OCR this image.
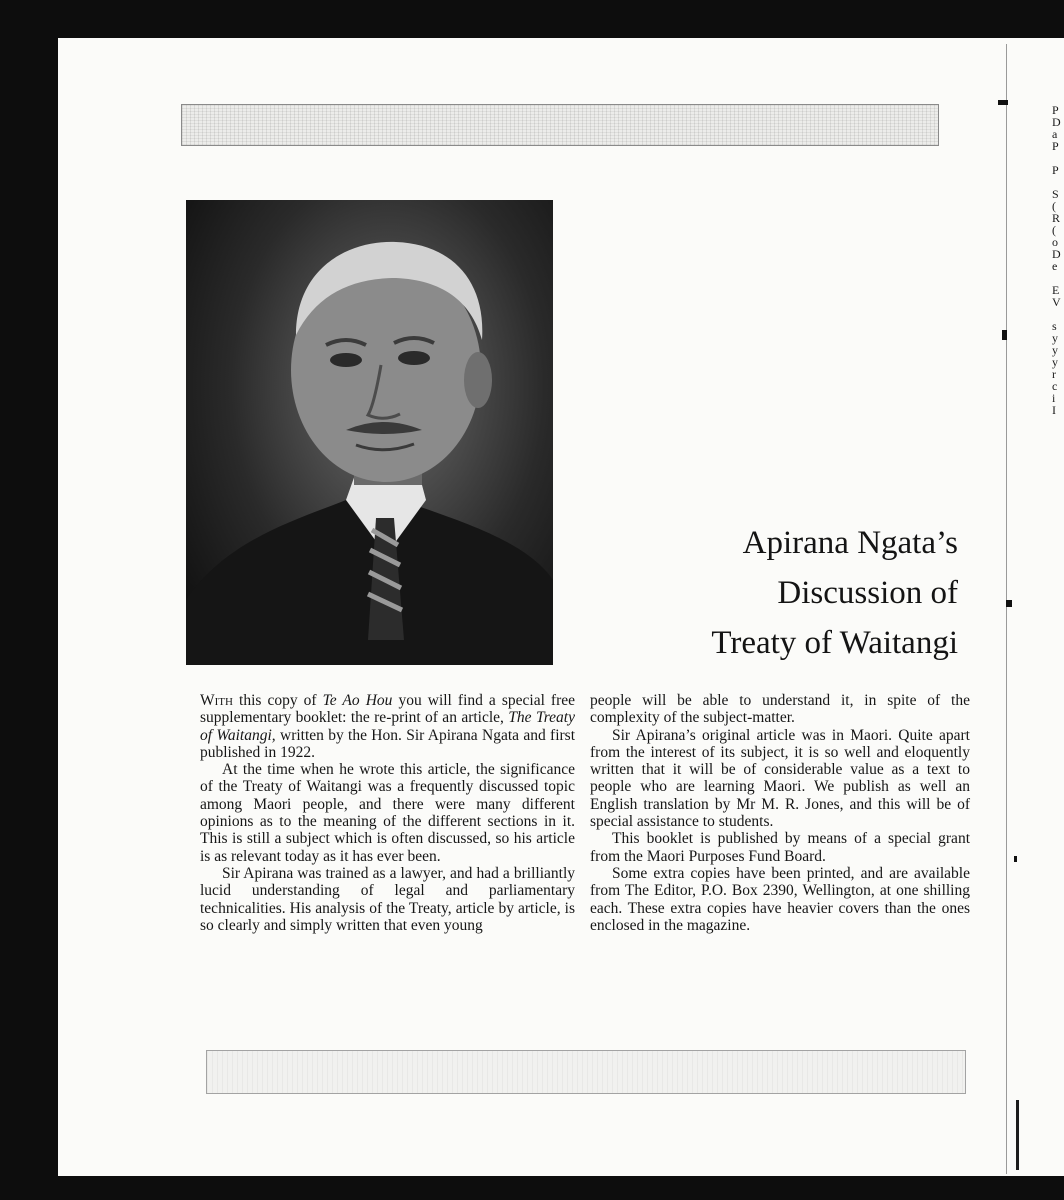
Apirana Ngata’s
Discussion of
Treaty of Waitangi

With this copy of Te Ao Hou you will find a special free supplementary booklet: the re-print of an article, The Treaty of Waitangi, written by the Hon. Sir Apirana Ngata and first published in 1922.

At the time when he wrote this article, the significance of the Treaty of Waitangi was a frequently discussed topic among Maori people, and there were many different opinions as to the meaning of the different sections in it. This is still a subject which is often discussed, so his article is as relevant today as it has ever been.

Sir Apirana was trained as a lawyer, and had a brilliantly lucid understanding of legal and parliamentary technicalities. His analysis of the Treaty, article by article, is so clearly and simply written that even young

people will be able to understand it, in spite of the complexity of the subject-matter.

Sir Apirana’s original article was in Maori. Quite apart from the interest of its subject, it is so well and eloquently written that it will be of considerable value as a text to people who are learning Maori. We publish as well an English translation by Mr M. R. Jones, and this will be of special assistance to students.

This booklet is published by means of a special grant from the Maori Purposes Fund Board.

Some extra copies have been printed, and are available from The Editor, P.O. Box 2390, Wellington, at one shilling each. These extra copies have heavier covers than the ones enclosed in the magazine.

P
D
a
P
P
S
(
R
(
o
D
e
E
V
s
y
y
y
r
c
i
I
